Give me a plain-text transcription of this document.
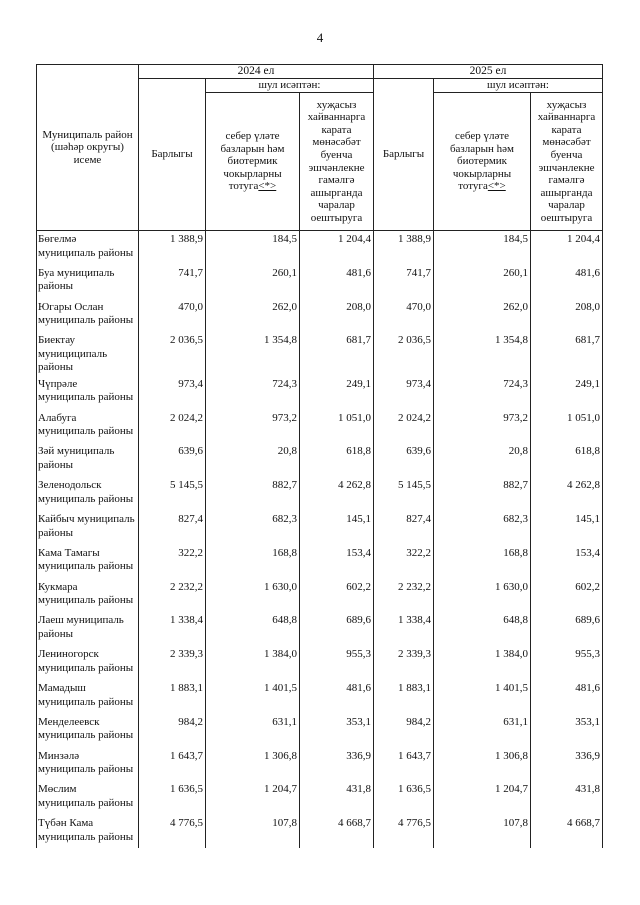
4
Муниципаль район (шәһәр округы) исеме	2024 ел			2025 ел		
	Барлыгы	шул исәптән:		Барлыгы	шул исәптән:	
		себер үләте базларын һәм биотермик чокырларны тотуга<*>	хуҗасыз хайваннарга карата мөнәсәбәт буенча эшчәнлекне гамәлгә ашырганда чаралар оештыруга		себер үләте базларын һәм биотермик чокырларны тотуга<*>	хуҗасыз хайваннарга карата мөнәсәбәт буенча эшчәнлекне гамәлгә ашырганда чаралар оештыруга
Бөгелмә муниципаль районы	1 388,9	184,5	1 204,4	1 388,9	184,5	1 204,4
Буа муниципаль районы	741,7	260,1	481,6	741,7	260,1	481,6
Югары Ослан муниципаль районы	470,0	262,0	208,0	470,0	262,0	208,0
Биектау мунициципаль районы	2 036,5	1 354,8	681,7	2 036,5	1 354,8	681,7
Чүпрәле муниципаль районы	973,4	724,3	249,1	973,4	724,3	249,1
Алабуга муниципаль районы	2 024,2	973,2	1 051,0	2 024,2	973,2	1 051,0
Зәй муниципаль районы	639,6	20,8	618,8	639,6	20,8	618,8
Зеленодольск муниципаль районы	5 145,5	882,7	4 262,8	5 145,5	882,7	4 262,8
Кайбыч муниципаль районы	827,4	682,3	145,1	827,4	682,3	145,1
Кама Тамагы муниципаль районы	322,2	168,8	153,4	322,2	168,8	153,4
Кукмара муниципаль районы	2 232,2	1 630,0	602,2	2 232,2	1 630,0	602,2
Лаеш муниципаль районы	1 338,4	648,8	689,6	1 338,4	648,8	689,6
Лениногорск муниципаль районы	2 339,3	1 384,0	955,3	2 339,3	1 384,0	955,3
Мамадыш муниципаль районы	1 883,1	1 401,5	481,6	1 883,1	1 401,5	481,6
Менделеевск муниципаль районы	984,2	631,1	353,1	984,2	631,1	353,1
Минзәлә муниципаль районы	1 643,7	1 306,8	336,9	1 643,7	1 306,8	336,9
Мөслим муниципаль районы	1 636,5	1 204,7	431,8	1 636,5	1 204,7	431,8
Түбән Кама муниципаль районы	4 776,5	107,8	4 668,7	4 776,5	107,8	4 668,7
